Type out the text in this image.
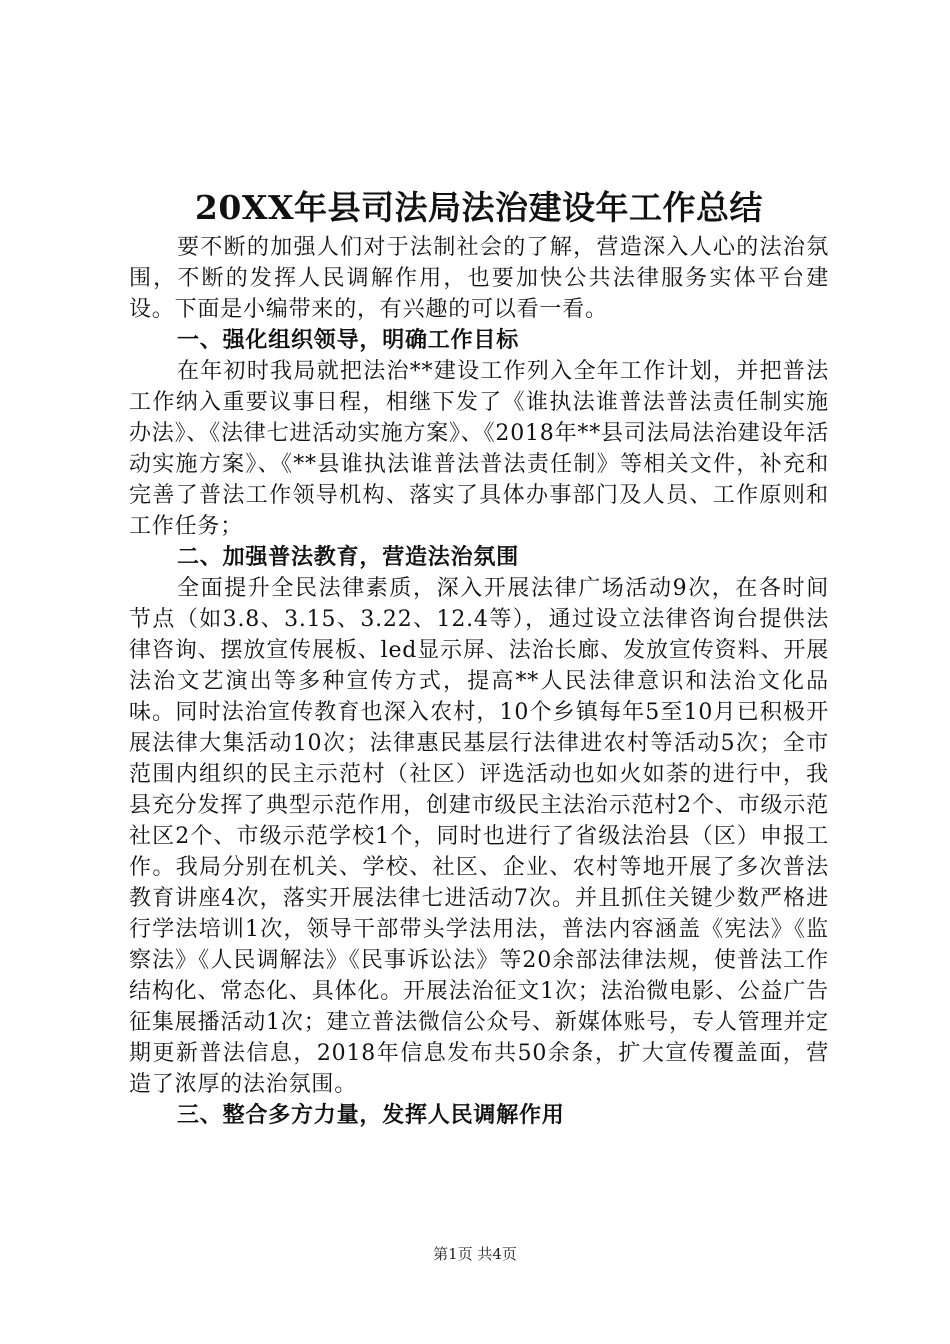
20XX年县司法局法治建设年工作总结

要不断的加强人们对于法制社会的了解，营造深入人心的法治氛围，不断的发挥人民调解作用，也要加快公共法律服务实体平台建设。下面是小编带来的，有兴趣的可以看一看。

一、强化组织领导，明确工作目标

在年初时我局就把法治**建设工作列入全年工作计划，并把普法工作纳入重要议事日程，相继下发了《谁执法谁普法普法责任制实施办法》、《法律七进活动实施方案》、《2018年**县司法局法治建设年活动实施方案》、《**县谁执法谁普法普法责任制》等相关文件，补充和完善了普法工作领导机构、落实了具体办事部门及人员、工作原则和工作任务；

二、加强普法教育，营造法治氛围

全面提升全民法律素质，深入开展法律广场活动9次，在各时间节点（如3.8、3.15、3.22、12.4等），通过设立法律咨询台提供法律咨询、摆放宣传展板、led显示屏、法治长廊、发放宣传资料、开展法治文艺演出等多种宣传方式，提高**人民法律意识和法治文化品味。同时法治宣传教育也深入农村，10个乡镇每年5至10月已积极开展法律大集活动10次；法律惠民基层行法律进农村等活动5次；全市范围内组织的民主示范村（社区）评选活动也如火如荼的进行中，我县充分发挥了典型示范作用，创建市级民主法治示范村2个、市级示范社区2个、市级示范学校1个，同时也进行了省级法治县（区）申报工作。我局分别在机关、学校、社区、企业、农村等地开展了多次普法教育讲座4次，落实开展法律七进活动7次。并且抓住关键少数严格进行学法培训1次，领导干部带头学法用法，普法内容涵盖《宪法》《监察法》《人民调解法》《民事诉讼法》等20余部法律法规，使普法工作结构化、常态化、具体化。开展法治征文1次；法治微电影、公益广告征集展播活动1次；建立普法微信公众号、新媒体账号，专人管理并定期更新普法信息，2018年信息发布共50余条，扩大宣传覆盖面，营造了浓厚的法治氛围。

三、整合多方力量，发挥人民调解作用
第1页 共4页
